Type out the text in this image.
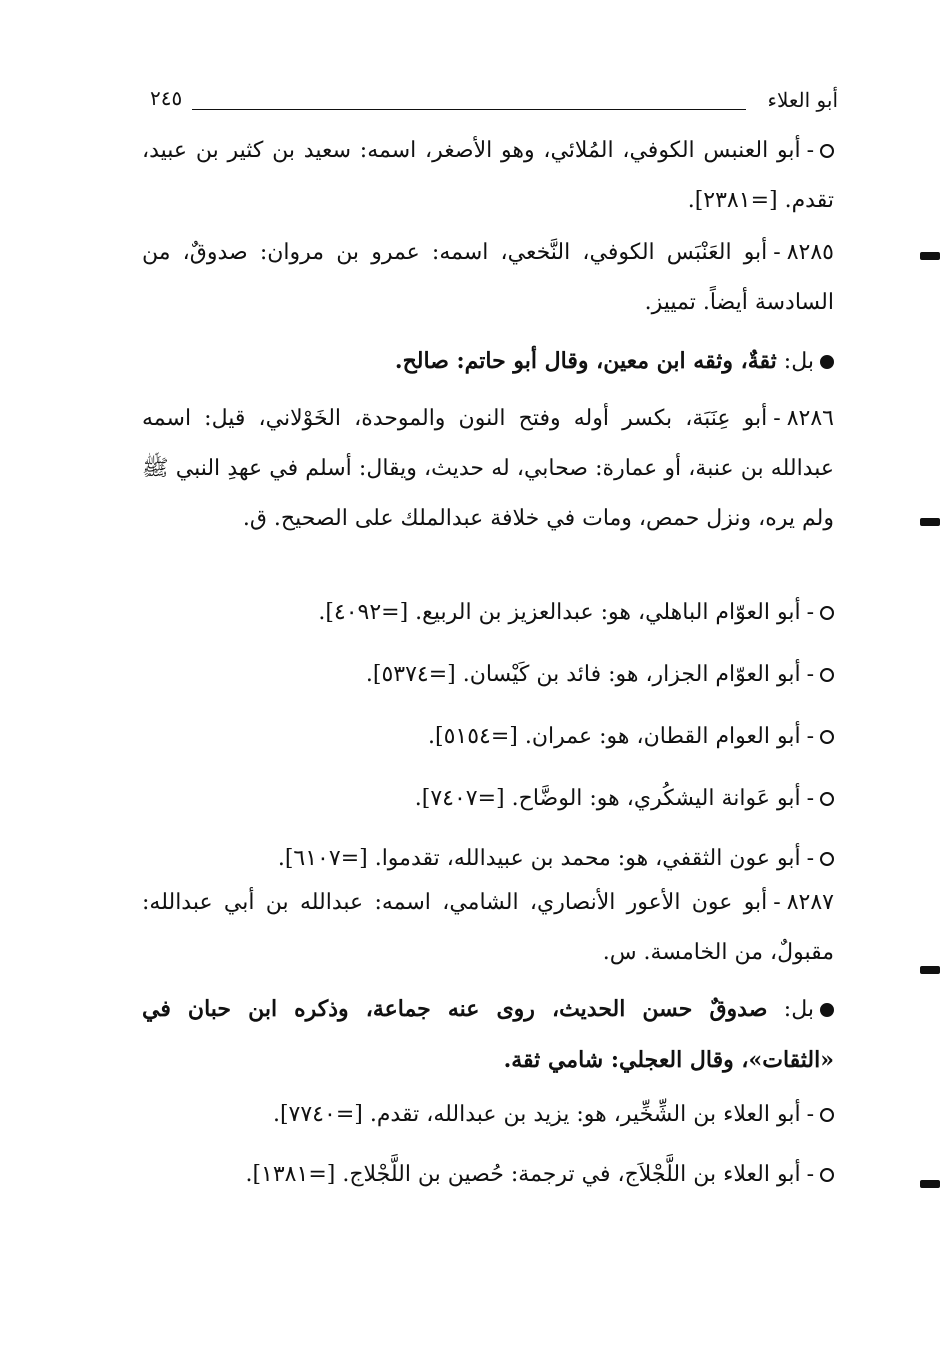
أبو العلاء
٢٤٥
-أبو العنبس الكوفي، المُلائي، وهو الأصغر، اسمه: سعيد بن كثير بن عبيد، تقدم. [=٢٣٨١].
٨٢٨٥-أبو العَنْبَس الكوفي، النَّخعي، اسمه: عمرو بن مروان: صدوقٌ، من السادسة أيضاً. تمييز.
بل: ثقةٌ، وثقه ابن معين، وقال أبو حاتم: صالح.
٨٢٨٦-أبو عِنَبَة، بكسر أوله وفتح النون والموحدة، الخَوْلاني، قيل: اسمه عبدالله بن عنبة، أو عمارة: صحابي، له حديث، ويقال: أسلم في عهدِ النبي ﷺ ولم يره، ونزل حمص، ومات في خلافة عبدالملك على الصحيح. ق.
-أبو العوّام الباهلي، هو: عبدالعزيز بن الربيع. [=٤٠٩٢].
-أبو العوّام الجزار، هو: فائد بن كَيْسان. [=٥٣٧٤].
-أبو العوام القطان، هو: عمران. [=٥١٥٤].
-أبو عَوانة اليشكُري، هو: الوضَّاح. [=٧٤٠٧].
-أبو عون الثقفي، هو: محمد بن عبيدالله، تقدموا. [=٦١٠٧].
٨٢٨٧-أبو عون الأعور الأنصاري، الشامي، اسمه: عبدالله بن أبي عبدالله: مقبولٌ، من الخامسة. س.
بل: صدوقٌ حسن الحديث، روى عنه جماعة، وذكره ابن حبان في «الثقات»، وقال العجلي: شامي ثقة.
-أبو العلاء بن الشِّخِّير، هو: يزيد بن عبدالله، تقدم. [=٧٧٤٠].
-أبو العلاء بن اللَّجْلاَج، في ترجمة: حُصين بن اللَّجْلاج. [=١٣٨١].
